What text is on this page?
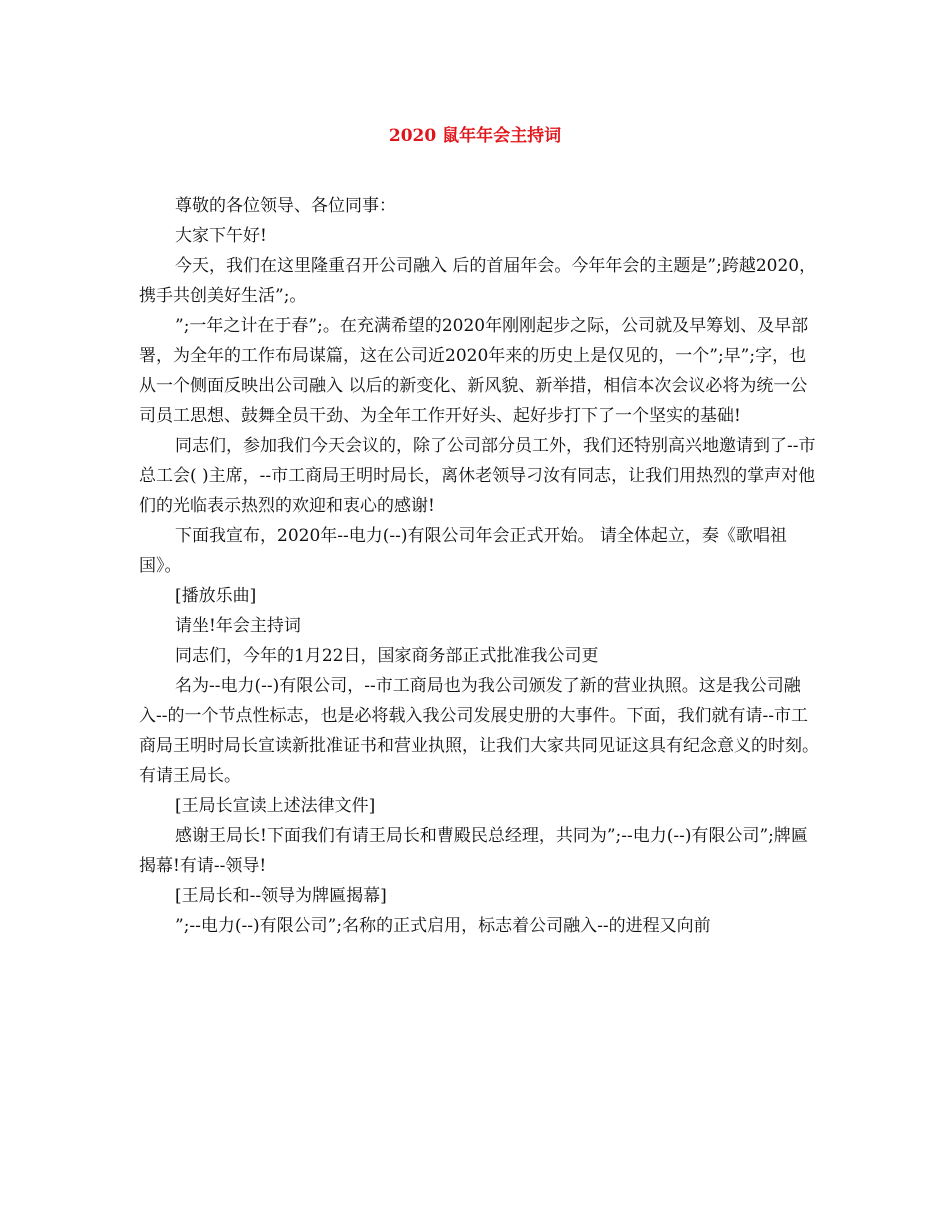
2020 鼠年年会主持词

尊敬的各位领导、各位同事：

大家下午好!

今天，我们在这里隆重召开公司融入 后的首届年会。今年年会的主题是”;跨越2020，携手共创美好生活”;。

”;一年之计在于春”;。在充满希望的2020年刚刚起步之际，公司就及早筹划、及早部署，为全年的工作布局谋篇，这在公司近2020年来的历史上是仅见的，一个”;早”;字，也从一个侧面反映出公司融入 以后的新变化、新风貌、新举措，相信本次会议必将为统一公司员工思想、鼓舞全员干劲、为全年工作开好头、起好步打下了一个坚实的基础!

同志们，参加我们今天会议的，除了公司部分员工外，我们还特别高兴地邀请到了--市总工会( )主席，--市工商局王明时局长，离休老领导刁汝有同志，让我们用热烈的掌声对他们的光临表示热烈的欢迎和衷心的感谢!

下面我宣布，2020年--电力(--)有限公司年会正式开始。 请全体起立，奏《歌唱祖国》。

[播放乐曲]

请坐!年会主持词

同志们，今年的1月22日，国家商务部正式批准我公司更

名为--电力(--)有限公司，--市工商局也为我公司颁发了新的营业执照。这是我公司融入--的一个节点性标志，也是必将载入我公司发展史册的大事件。下面，我们就有请--市工商局王明时局长宣读新批准证书和营业执照，让我们大家共同见证这具有纪念意义的时刻。有请王局长。

[王局长宣读上述法律文件]

感谢王局长!下面我们有请王局长和曹殿民总经理，共同为”;--电力(--)有限公司”;牌匾揭幕!有请--领导!

[王局长和--领导为牌匾揭幕]

”;--电力(--)有限公司”;名称的正式启用，标志着公司融入--的进程又向前
